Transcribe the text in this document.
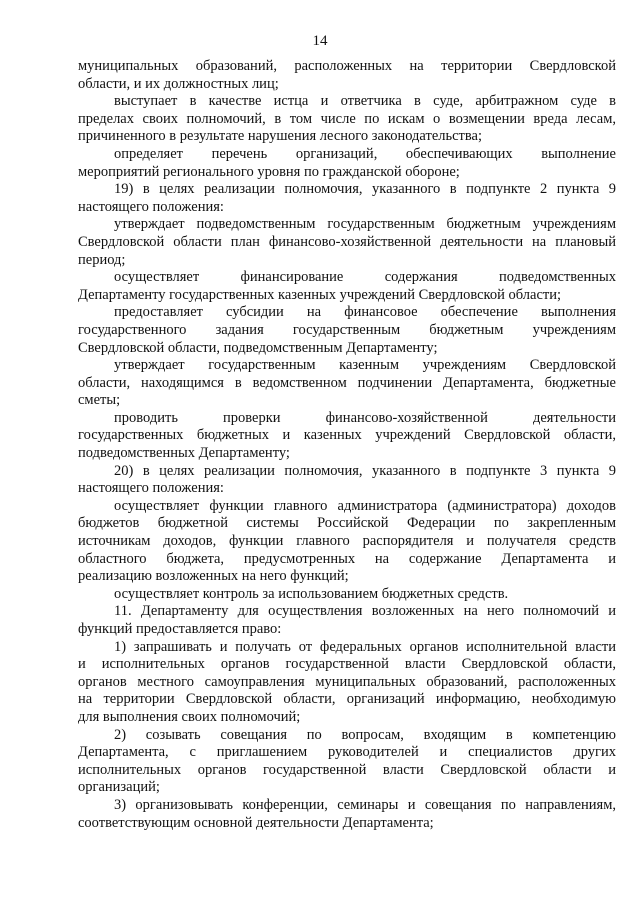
14
муниципальных образований, расположенных на территории Свердловской
области, и их должностных лиц;
выступает в качестве истца и ответчика в суде, арбитражном суде в
пределах своих полномочий, в том числе по искам о возмещении вреда лесам,
причиненного в результате нарушения лесного законодательства;
определяет перечень организаций, обеспечивающих выполнение
мероприятий регионального уровня по гражданской обороне;
19) в целях реализации полномочия, указанного в подпункте 2 пункта 9
настоящего положения:
утверждает подведомственным государственным бюджетным учреждениям
Свердловской области план финансово-хозяйственной деятельности на плановый
период;
осуществляет финансирование содержания подведомственных
Департаменту государственных казенных учреждений Свердловской области;
предоставляет субсидии на финансовое обеспечение выполнения
государственного задания государственным бюджетным учреждениям
Свердловской области, подведомственным Департаменту;
утверждает государственным казенным учреждениям Свердловской
области, находящимся в ведомственном подчинении Департамента, бюджетные
сметы;
проводить проверки финансово-хозяйственной деятельности
государственных бюджетных и казенных учреждений Свердловской области,
подведомственных Департаменту;
20) в целях реализации полномочия, указанного в подпункте 3 пункта 9
настоящего положения:
осуществляет функции главного администратора (администратора) доходов
бюджетов бюджетной системы Российской Федерации по закрепленным
источникам доходов, функции главного распорядителя и получателя средств
областного бюджета, предусмотренных на содержание Департамента и
реализацию возложенных на него функций;
осуществляет контроль за использованием бюджетных средств.
11. Департаменту для осуществления возложенных на него полномочий и
функций предоставляется право:
1) запрашивать и получать от федеральных органов исполнительной власти
и исполнительных органов государственной власти Свердловской области,
органов местного самоуправления муниципальных образований, расположенных
на территории Свердловской области, организаций информацию, необходимую
для выполнения своих полномочий;
2) созывать совещания по вопросам, входящим в компетенцию
Департамента, с приглашением руководителей и специалистов других
исполнительных органов государственной власти Свердловской области и
организаций;
3) организовывать конференции, семинары и совещания по направлениям,
соответствующим основной деятельности Департамента;
